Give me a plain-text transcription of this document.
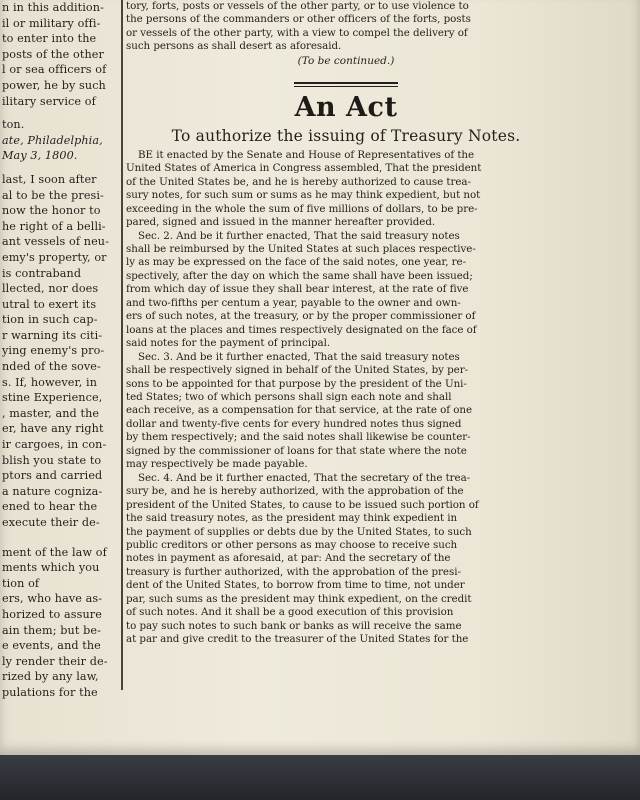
n in this addition-
il or military offi-
to enter into the
posts of the other
l or sea officers of
power, he by such
ilitary service of
ton.
ate, Philadelphia,
May 3, 1800.
last, I soon after
al to be the presi-
now the honor to
he right of a belli-
ant vessels of neu-
emy's property, or
is contraband
llected, nor does
utral to exert its
tion in such cap-
r warning its citi-
ying enemy's pro-
nded of the sove-
s. If, however, in
stine Experience,
, master, and the
er, have any right
ir cargoes, in con-
blish you state to
ptors and carried
a nature cogniza-
ened to hear the
execute their de-
ment of the law of
ments which you
tion of
ers, who have as-
horized to assure
ain them; but be-
e events, and the
ly render their de-
rized by any law,
pulations for the
tory, forts, posts or vessels of the other party, or to use violence to
the persons of the commanders or other officers of the forts, posts
or vessels of the other party, with a view to compel the delivery of
such persons as shall desert as aforesaid.
(To be continued.)
An Act
To authorize the issuing of Treasury Notes.
BE it enacted by the Senate and House of Representatives of the
United States of America in Congress assembled, That the president
of the United States be, and he is hereby authorized to cause trea-
sury notes, for such sum or sums as he may think expedient, but not
exceeding in the whole the sum of five millions of dollars, to be pre-
pared, signed and issued in the manner hereafter provided.
Sec. 2. And be it further enacted, That the said treasury notes
shall be reimbursed by the United States at such places respective-
ly as may be expressed on the face of the said notes, one year, re-
spectively, after the day on which the same shall have been issued;
from which day of issue they shall bear interest, at the rate of five
and two-fifths per centum a year, payable to the owner and own-
ers of such notes, at the treasury, or by the proper commissioner of
loans at the places and times respectively designated on the face of
said notes for the payment of principal.
Sec. 3. And be it further enacted, That the said treasury notes
shall be respectively signed in behalf of the United States, by per-
sons to be appointed for that purpose by the president of the Uni-
ted States; two of which persons shall sign each note and shall
each receive, as a compensation for that service, at the rate of one
dollar and twenty-five cents for every hundred notes thus signed
by them respectively; and the said notes shall likewise be counter-
signed by the commissioner of loans for that state where the note
may respectively be made payable.
Sec. 4. And be it further enacted, That the secretary of the trea-
sury be, and he is hereby authorized, with the approbation of the
president of the United States, to cause to be issued such portion of
the said treasury notes, as the president may think expedient in
the payment of supplies or debts due by the United States, to such
public creditors or other persons as may choose to receive such
notes in payment as aforesaid, at par: And the secretary of the
treasury is further authorized, with the approbation of the presi-
dent of the United States, to borrow from time to time, not under
par, such sums as the president may think expedient, on the credit
of such notes. And it shall be a good execution of this provision
to pay such notes to such bank or banks as will receive the same
at par and give credit to the treasurer of the United States for the
